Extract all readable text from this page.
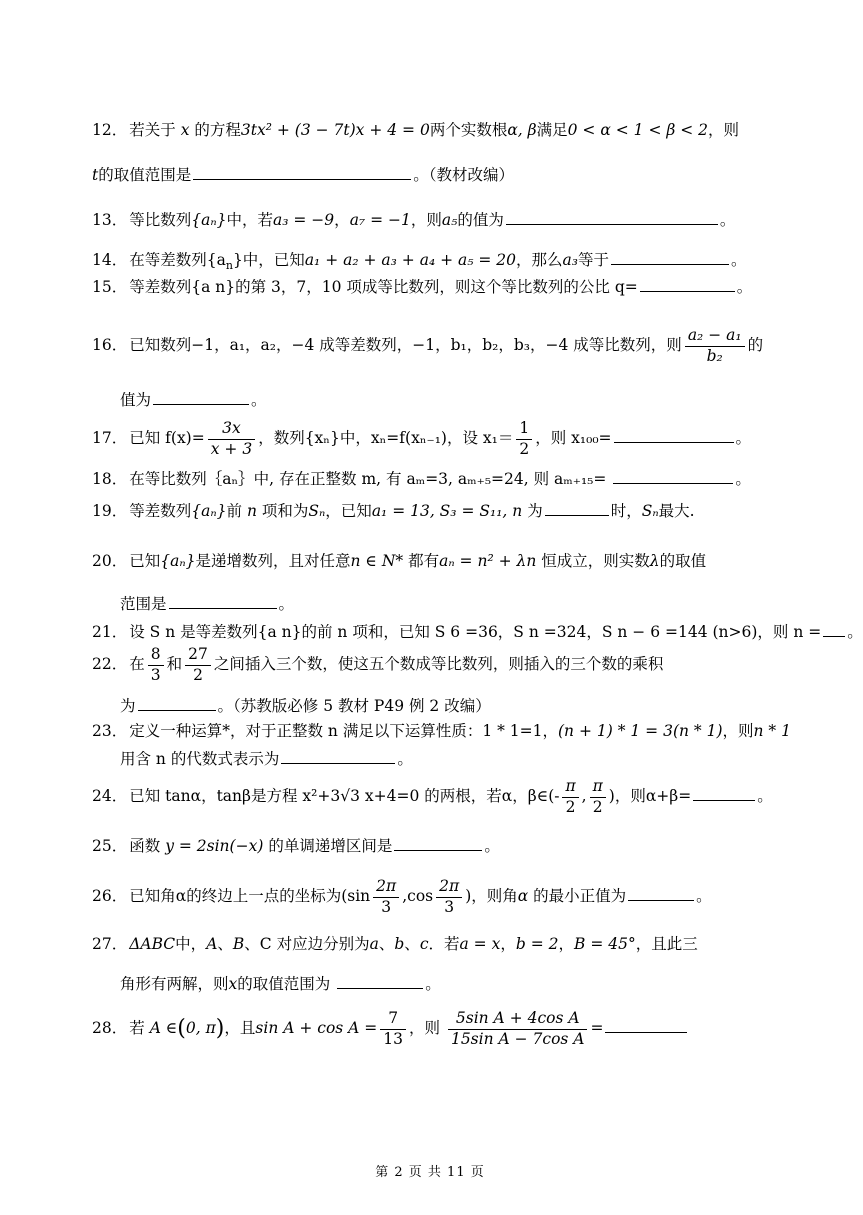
12． 若关于 x 的方程3tx² + (3 − 7t)x + 4 = 0两个实数根α, β满足0 < α < 1 < β < 2，则
t的取值范围是	。（教材改编）
13． 等比数列{aₙ}中，若a₃ = −9，a₇ = −1，则a₅的值为	。
14． 在等差数列$\{a_n\}$中，已知a₁ + a₂ + a₃ + a₄ + a₅ = 20，那么a₃等于	。
15． 等差数列{a n}的第 3，7，10 项成等比数列，则这个等比数列的公比 q=	。
16． 已知数列−1，a₁，a₂，−4 成等差数列，−1，b₁，b₂，b₃，−4 成等比数列，则 $\frac{\text{a₂ − a₁}}{\text{b₂}}$ 的
值为	。
17． 已知 $f(x)= \frac{3x}{x + 3}$ ，数列{xₙ}中，xₙ=f(xₙ₋₁)，设 $x_1= \frac{1}{2}$ ，则 x₁₀₀=	。
18． 在等比数列｛aₙ｝中, 存在正整数 m, 有 aₘ=3, aₘ₊₅=24, 则 aₘ₊₁₅=	。
19． 等差数列{aₙ}前 n 项和为Sₙ，已知a₁ = 13, S₃ = S₁₁, n 为	时，Sₙ最大.
20． 已知{aₙ}是递增数列，且对任意n ∈ N* 都有aₙ = n² + λn 恒成立，则实数λ的取值
范围是	。
21． 设 S n 是等差数列{a n}的前 n 项和，已知 S 6 =36，S n =324，S n − 6 =144 (n>6)，则 n = 。
22． 在 $\frac{8}{3}$ 和 $\frac{27}{2}$ 之间插入三个数，使这五个数成等比数列，则插入的三个数的乘积
为	。（苏教版必修 5 教材 P49 例 2 改编）
23． 定义一种运算*，对于正整数 n 满足以下运算性质：1 * 1=1，(n + 1) * 1 = 3(n * 1)，则n * 1
用含 n 的代数式表示为	。
24． 已知 tanα，tanβ是方程 x²+3√3 x+4=0 的两根，若α，β∈(- $\frac{\pi}{2}$ , $\frac{\pi}{2}$ )，则α+β=	。
25． 函数 y = 2sin(−x) 的单调递增区间是	。
26． 已知角α的终边上一点的坐标为($\sin \frac{2\pi}{3} ,\cos \frac{2\pi}{3}$ )，则角α 的最小正值为	。
27． ΔABC中，A、B、C 对应边分别为a、b、c．若a = x，b = 2，B = 45°，且此三
角形有两解，则x的取值范围为	。
28． 若 A ∈(0, π)，且$\sin A + \cos A = \frac{7}{13}$ ，则 $\frac{\text{5sin A + 4cos A}}{\text{15sin A − 7cos A}}$ =
第 2 页 共 11 页
